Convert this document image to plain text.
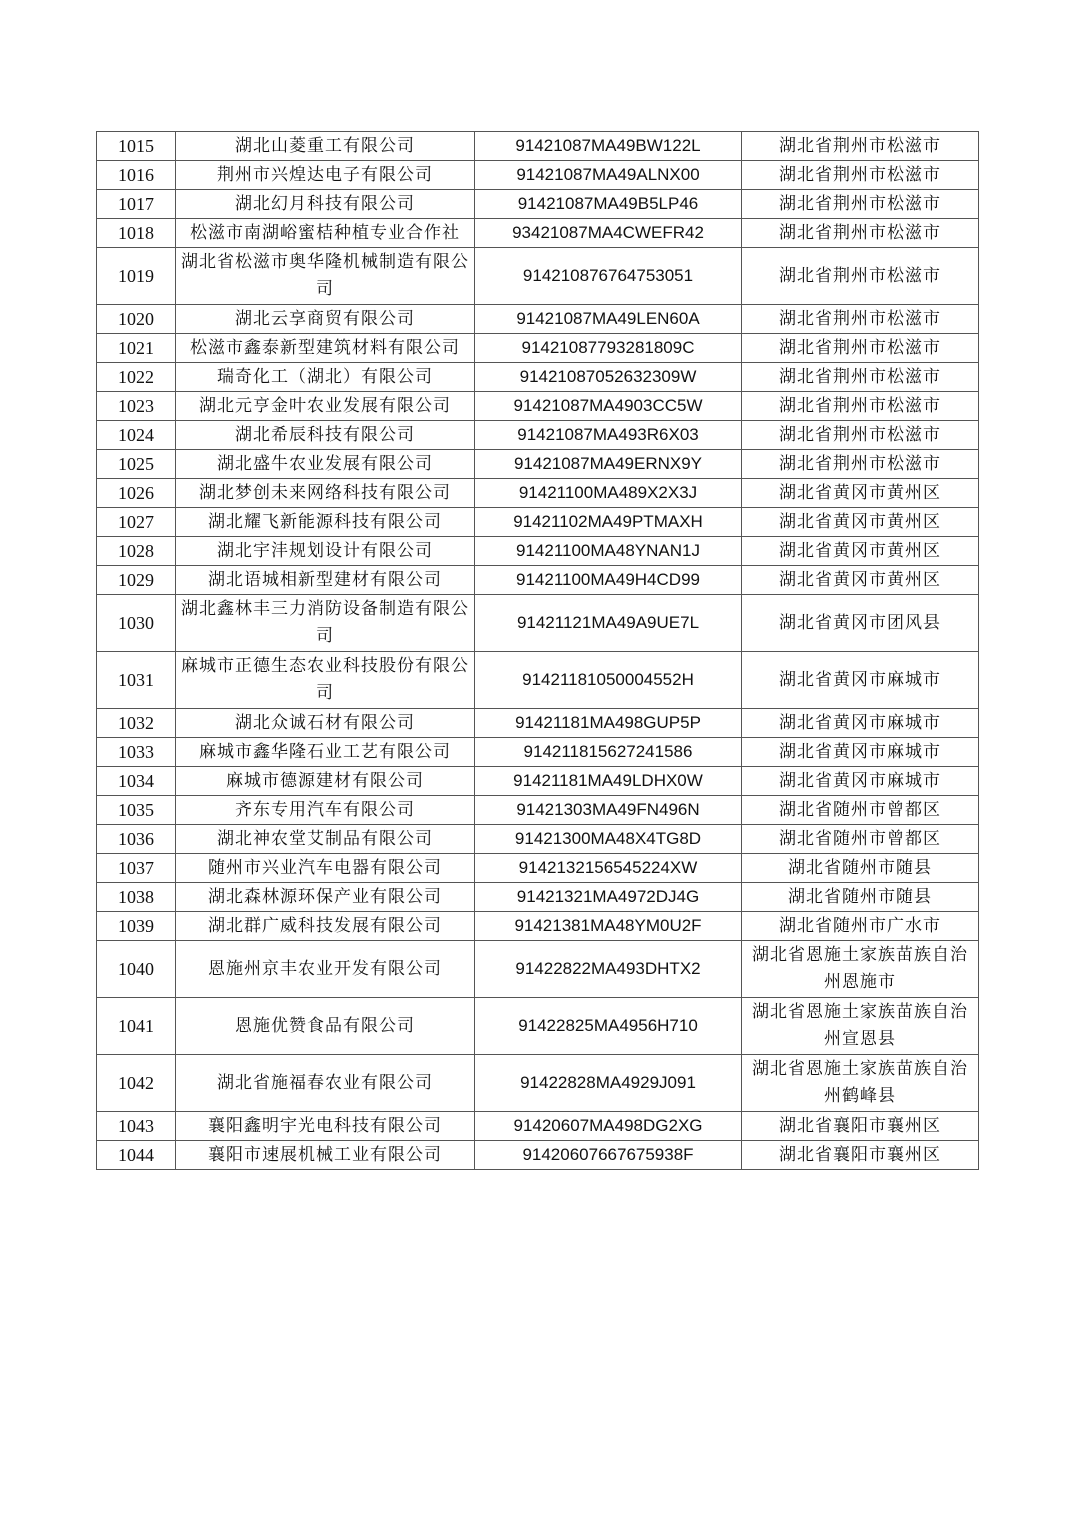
1015	湖北山菱重工有限公司	91421087MA49BW122L	湖北省荆州市松滋市
1016	荆州市兴煌达电子有限公司	91421087MA49ALNX00	湖北省荆州市松滋市
1017	湖北幻月科技有限公司	91421087MA49B5LP46	湖北省荆州市松滋市
1018	松滋市南湖峪蜜桔种植专业合作社	93421087MA4CWEFR42	湖北省荆州市松滋市
1019	湖北省松滋市奥华隆机械制造有限公司	914210876764753051	湖北省荆州市松滋市
1020	湖北云享商贸有限公司	91421087MA49LEN60A	湖北省荆州市松滋市
1021	松滋市鑫泰新型建筑材料有限公司	91421087793281809C	湖北省荆州市松滋市
1022	瑞奇化工（湖北）有限公司	91421087052632309W	湖北省荆州市松滋市
1023	湖北元亨金叶农业发展有限公司	91421087MA4903CC5W	湖北省荆州市松滋市
1024	湖北希辰科技有限公司	91421087MA493R6X03	湖北省荆州市松滋市
1025	湖北盛牛农业发展有限公司	91421087MA49ERNX9Y	湖北省荆州市松滋市
1026	湖北梦创未来网络科技有限公司	91421100MA489X2X3J	湖北省黄冈市黄州区
1027	湖北耀飞新能源科技有限公司	91421102MA49PTMAXH	湖北省黄冈市黄州区
1028	湖北宇沣规划设计有限公司	91421100MA48YNAN1J	湖北省黄冈市黄州区
1029	湖北语城相新型建材有限公司	91421100MA49H4CD99	湖北省黄冈市黄州区
1030	湖北鑫林丰三力消防设备制造有限公司	91421121MA49A9UE7L	湖北省黄冈市团风县
1031	麻城市正德生态农业科技股份有限公司	91421181050004552H	湖北省黄冈市麻城市
1032	湖北众诚石材有限公司	91421181MA498GUP5P	湖北省黄冈市麻城市
1033	麻城市鑫华隆石业工艺有限公司	914211815627241586	湖北省黄冈市麻城市
1034	麻城市德源建材有限公司	91421181MA49LDHX0W	湖北省黄冈市麻城市
1035	齐东专用汽车有限公司	91421303MA49FN496N	湖北省随州市曾都区
1036	湖北神农堂艾制品有限公司	91421300MA48X4TG8D	湖北省随州市曾都区
1037	随州市兴业汽车电器有限公司	9142132156545224XW	湖北省随州市随县
1038	湖北森林源环保产业有限公司	91421321MA4972DJ4G	湖北省随州市随县
1039	湖北群广威科技发展有限公司	91421381MA48YM0U2F	湖北省随州市广水市
1040	恩施州京丰农业开发有限公司	91422822MA493DHTX2	湖北省恩施土家族苗族自治州恩施市
1041	恩施优赞食品有限公司	91422825MA4956H710	湖北省恩施土家族苗族自治州宣恩县
1042	湖北省施福春农业有限公司	91422828MA4929J091	湖北省恩施土家族苗族自治州鹤峰县
1043	襄阳鑫明宇光电科技有限公司	91420607MA498DG2XG	湖北省襄阳市襄州区
1044	襄阳市速展机械工业有限公司	91420607667675938F	湖北省襄阳市襄州区
